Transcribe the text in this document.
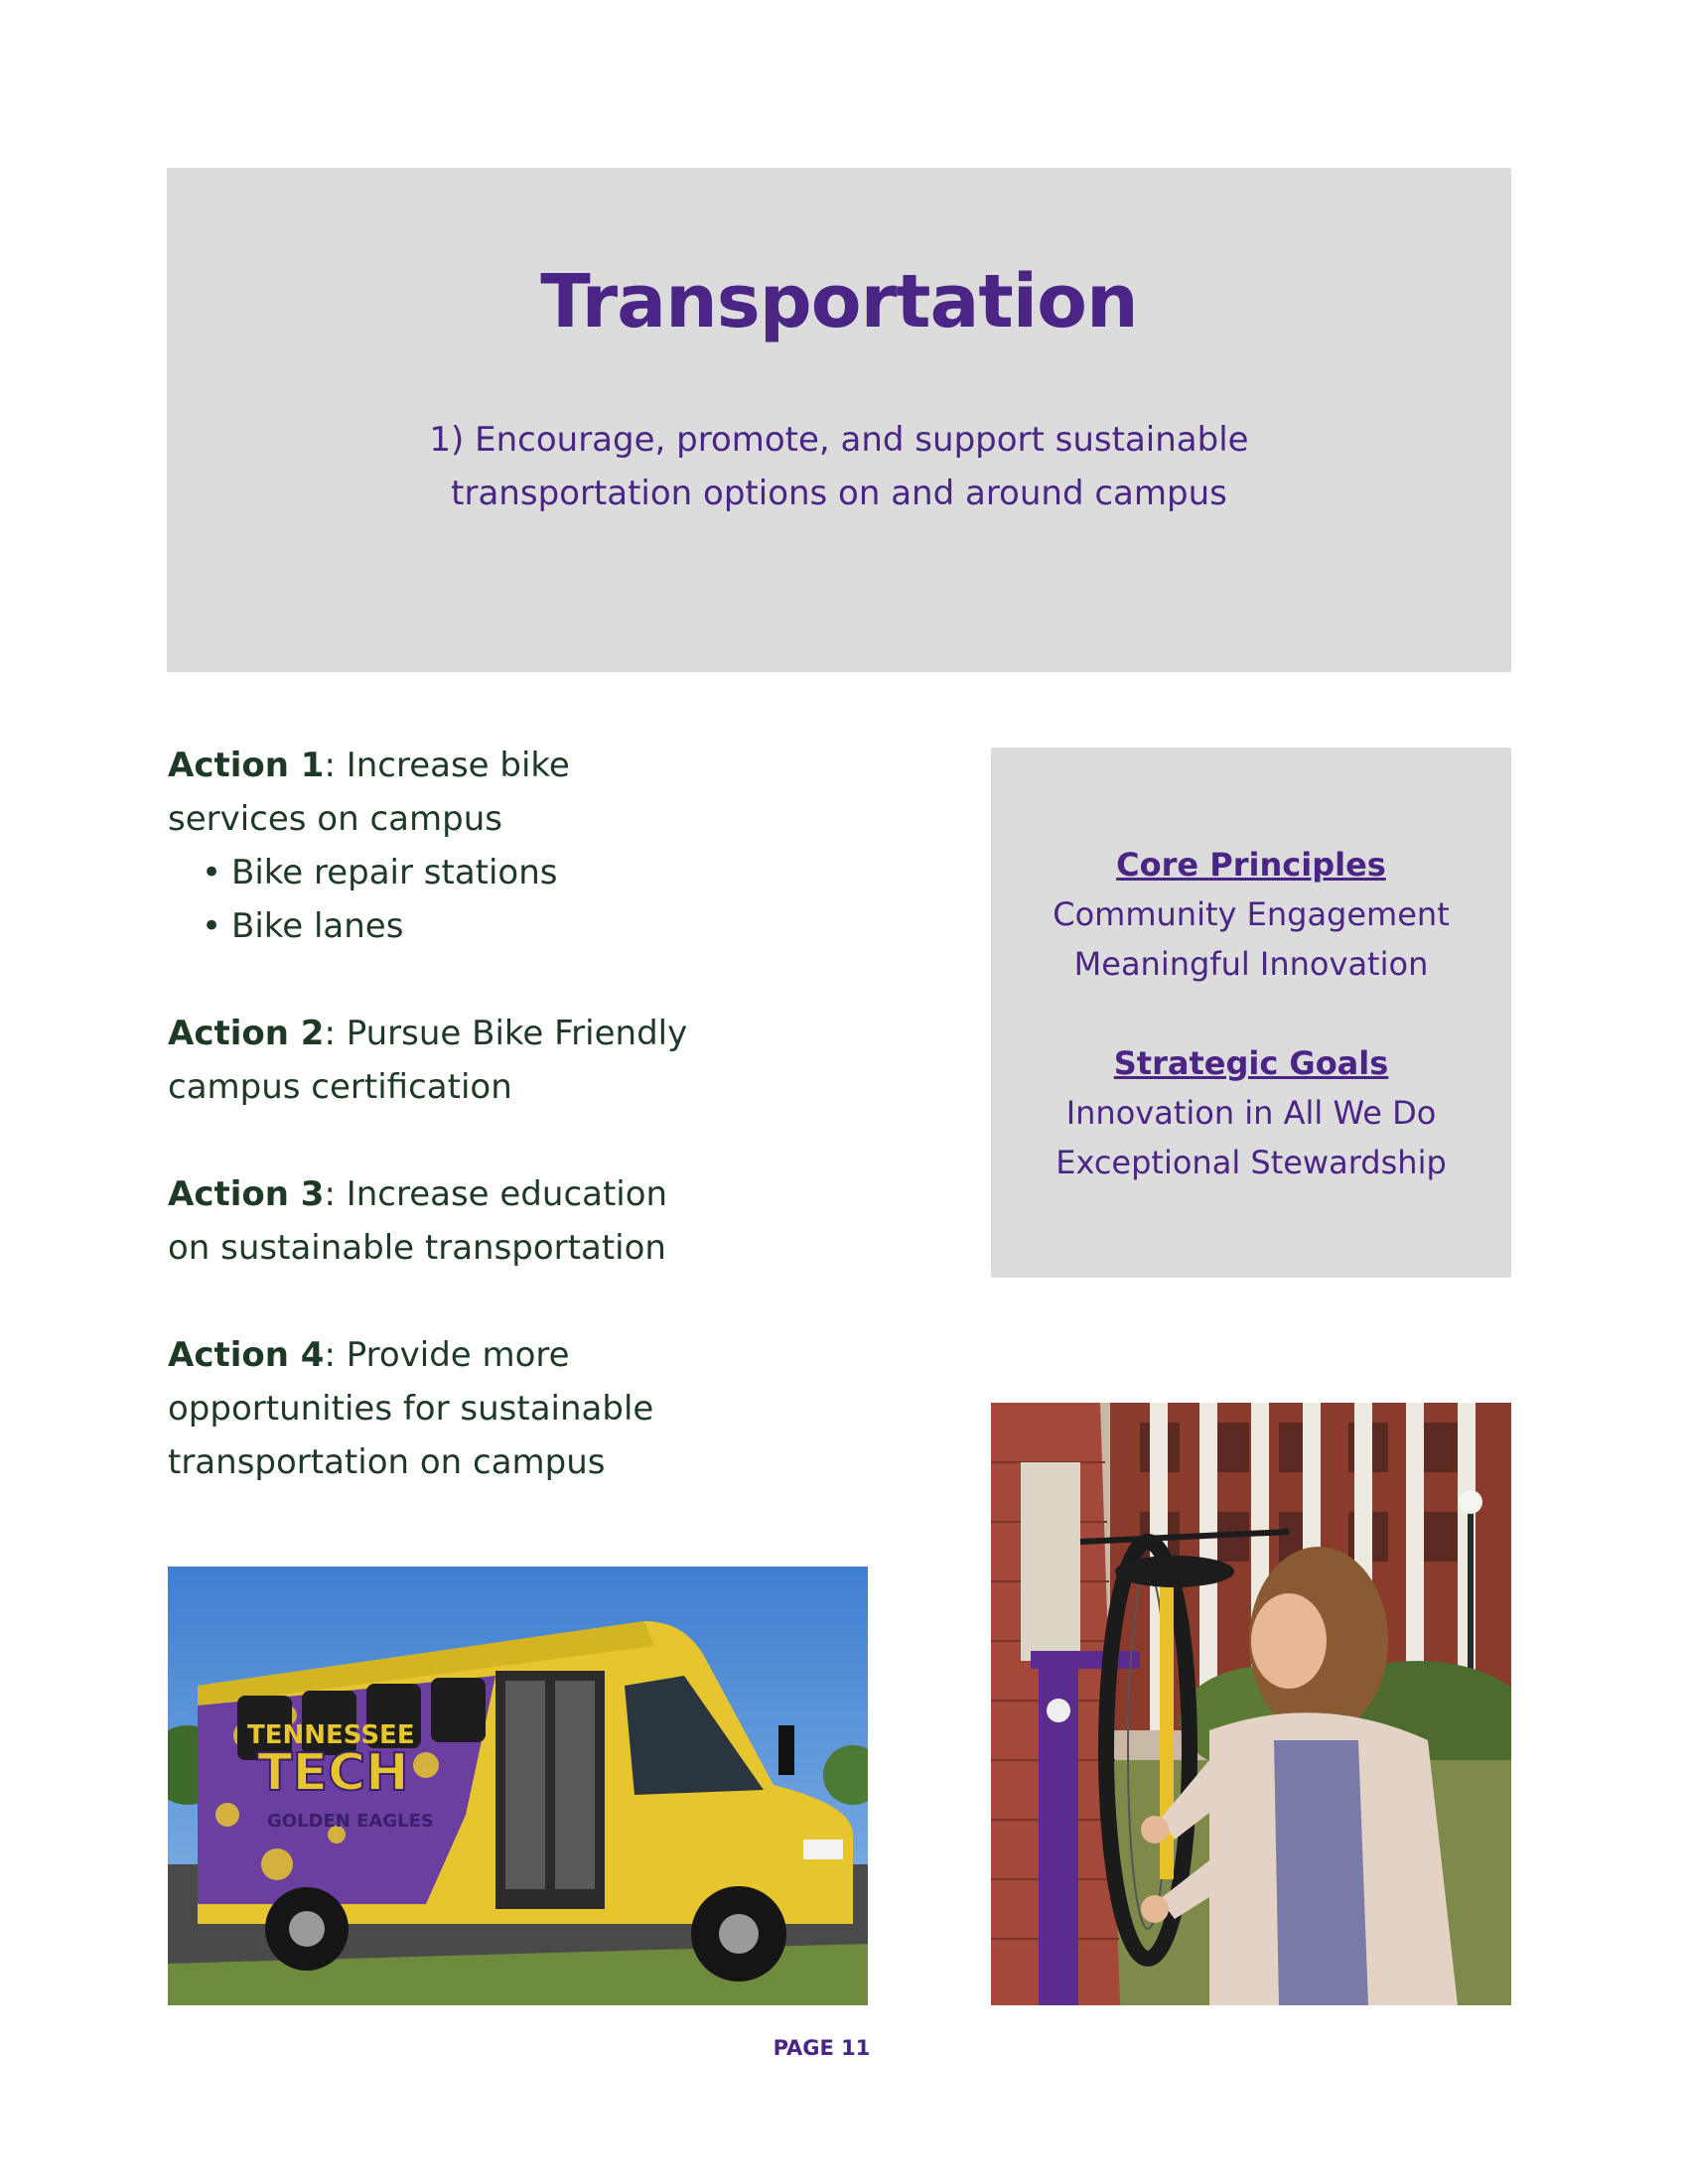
Transportation
1) Encourage, promote, and support sustainable
transportation options on and around campus
Action 1: Increase bike
services on campus
• Bike repair stations
• Bike lanes
Action 2: Pursue Bike Friendly
campus certification
Action 3: Increase education
on sustainable transportation
Action 4: Provide more
opportunities for sustainable
transportation on campus
Core Principles
Community Engagement
Meaningful Innovation
Strategic Goals
Innovation in All We Do
Exceptional Stewardship
TENNESSEE
TECH
GOLDEN EAGLES
PAGE 11
